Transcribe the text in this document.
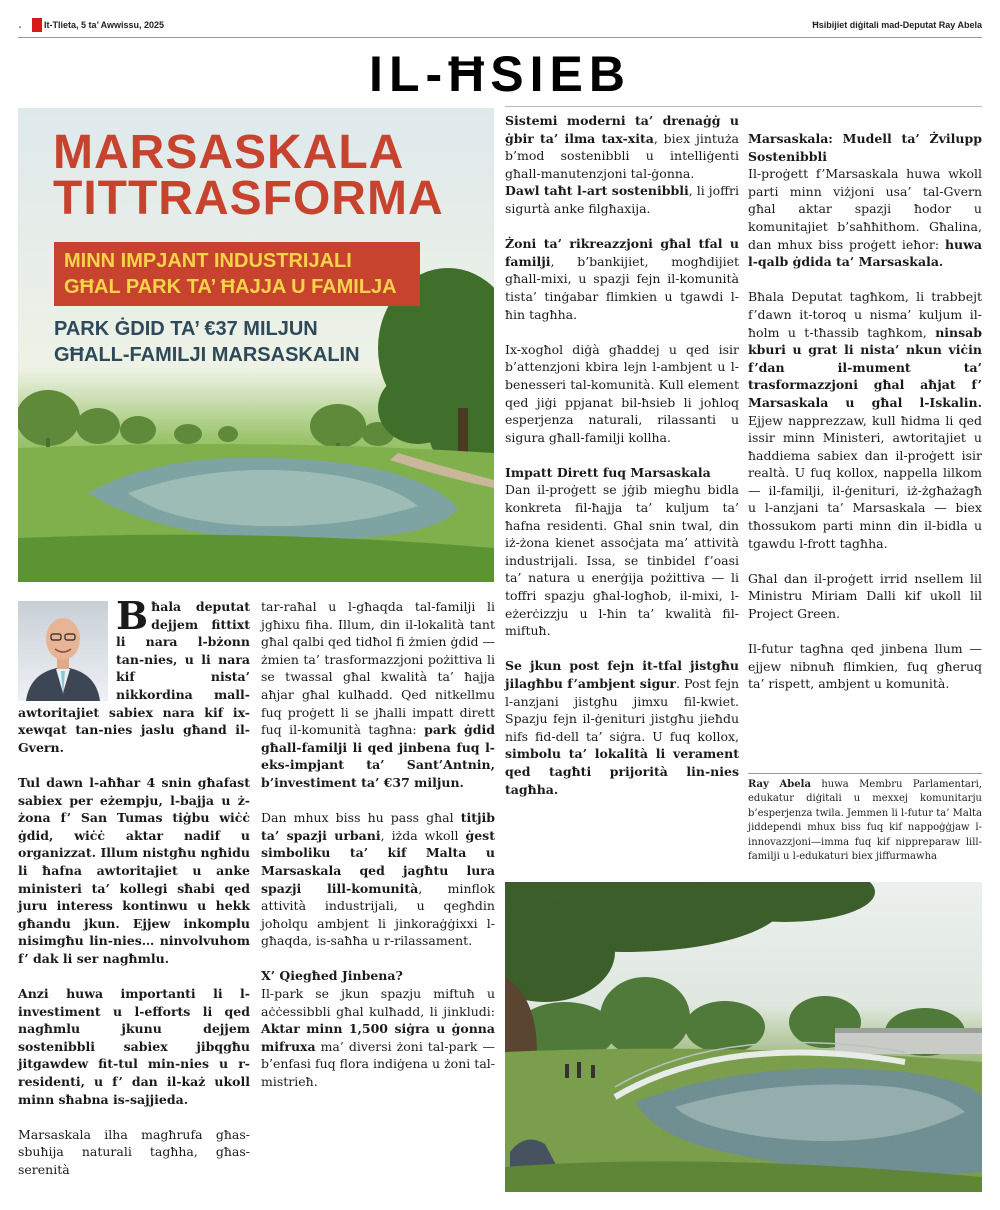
• It-Tlieta, 5 ta’ Awwissu, 2025	Ħsibijiet diġitali mad-Deputat Ray Abela
IL-ĦSIEB
MARSASKALA
TITTRASFORMA
MINN IMPJANT INDUSTRIJALI
GĦAL PARK TA’ ĦAJJA U FAMILJA
PARK ĠDID TA’ €37 MILJUN
GĦALL-FAMILJI MARSASKALIN

Bħala deputat dejjem fittixt li nara l-bżonn tan-nies, u li nara kif nista’ nikkordina mall-awtoritajiet sabiex nara kif ix-xewqat tan-nies jaslu għand il-Gvern.

Tul dawn l-aħħar 4 snin għafast sabiex per eżempju, l-bajja u ż-żona f’ San Tumas tiġbu wiċċ ġdid, wiċċ aktar nadif u organizzat. Illum nistgħu ngħidu li ħafna awtoritajiet u anke ministeri ta’ kollegi sħabi qed juru interess kontinwu u hekk għandu jkun. Ejjew inkomplu nisimgħu lin-nies… ninvolvuhom f’ dak li ser nagħmlu.

Anzi huwa importanti li l-investiment u l-efforts li qed nagħmlu jkunu dejjem sostenibbli sabiex jibqgħu jitgawdew fit-tul min-nies u r-residenti, u f’ dan il-każ ukoll minn sħabna is-sajjieda.

Marsaskala ilha magħrufa għas-sbuħija naturali tagħha, għas-serenità

tar-raħal u l-għaqda tal-familji li jgħixu fiha. Illum, din il-lokalità tant għal qalbi qed tidħol fi żmien ġdid — żmien ta’ trasformazzjoni pożittiva li se twassal għal kwalità ta’ ħajja aħjar għal kulħadd. Qed nitkellmu fuq proġett li se jħalli impatt dirett fuq il-komunità tagħna: park ġdid għall-familji li qed jinbena fuq l-eks-impjant ta’ Sant’Antnin, b’investiment ta’ €37 miljun.

Dan mhux biss hu pass għal titjib ta’ spazji urbani, iżda wkoll ġest simboliku ta’ kif Malta u Marsaskala qed jagħtu lura spazji lill-komunità, minflok attività industrijali, u qegħdin joħolqu ambjent li jinkoraġġixxi l-għaqda, is-saħħa u r-rilassament.

X’ Qiegħed Jinbena?

Il-park se jkun spazju miftuħ u aċċessibbli għal kulħadd, li jinkludi: Aktar minn 1,500 siġra u ġonna mifruxa ma’ diversi żoni tal-park — b’enfasi fuq flora indiġena u żoni tal-mistrieħ.

Sistemi moderni ta’ drenaġġ u ġbir ta’ ilma tax-xita, biex jintuża b’mod sostenibbli u intelliġenti għall-manutenzjoni tal-ġonna.

Dawl taħt l-art sostenibbli, li joffri sigurtà anke filgħaxija.

Żoni ta’ rikreazzjoni għal tfal u familji, b’bankijiet, mogħdijiet għall-mixi, u spazji fejn il-komunità tista’ tinġabar flimkien u tgawdi l-ħin tagħha.

Ix-xogħol diġà għaddej u qed isir b’attenzjoni kbira lejn l-ambjent u l-benesseri tal-komunità. Kull element qed jiġi ppjanat bil-ħsieb li joħloq esperjenza naturali, rilassanti u sigura għall-familji kollha.

Impatt Dirett fuq Marsaskala

Dan il-proġett se jġib miegħu bidla konkreta fil-ħajja ta’ kuljum ta’ ħafna residenti. Għal snin twal, din iż-żona kienet assoċjata ma’ attività industrijali. Issa, se tinbidel f’oasi ta’ natura u enerġija pożittiva — li toffri spazju għal-logħob, il-mixi, l-eżerċizzju u l-ħin ta’ kwalità fil-miftuħ.

Se jkun post fejn it-tfal jistgħu jilagħbu f’ambjent sigur. Post fejn l-anzjani jistgħu jimxu fil-kwiet. Spazju fejn il-ġenituri jistgħu jieħdu nifs fid-dell ta’ siġra. U fuq kollox, simbolu ta’ lokalità li verament qed tagħti prijorità lin-nies tagħha.

Marsaskala: Mudell ta’ Żvilupp Sostenibbli

Il-proġett f’Marsaskala huwa wkoll parti minn viżjoni usa’ tal-Gvern għal aktar spazji ħodor u komunitajiet b’saħħithom. Għalina, dan mhux biss proġett ieħor: huwa l-qalb ġdida ta’ Marsaskala.

Bħala Deputat tagħkom, li trabbejt f’dawn it-toroq u nisma’ kuljum il-ħolm u t-tħassib tagħkom, ninsab kburi u grat li nista’ nkun viċin f’dan il-mument ta’ trasformazzjoni għal aħjat f’ Marsaskala u għal l-Iskalin. Ejjew napprezzaw, kull ħidma li qed issir minn Ministeri, awtoritajiet u ħaddiema sabiex dan il-proġett isir realtà. U fuq kollox, nappella lilkom — il-familji, il-ġenituri, iż-żgħażagħ u l-anzjani ta’ Marsaskala — biex tħossukom parti minn din il-bidla u tgawdu l-frott tagħha.

Għal dan il-proġett irrid nsellem lil Ministru Miriam Dalli kif ukoll lil Project Green.

Il-futur tagħna qed jinbena llum — ejjew nibnuħ flimkien, fuq għeruq ta’ rispett, ambjent u komunità.

Ray Abela huwa Membru Parlamentari, edukatur diġitali u mexxej komunitarju b’esperjenza twila. Jemmen li l-futur ta’ Malta jiddependi mhux biss fuq kif nappoġġjaw l-innovazzjoni—imma fuq kif nippreparaw lill-familji u l-edukaturi biex jiffurmawha
